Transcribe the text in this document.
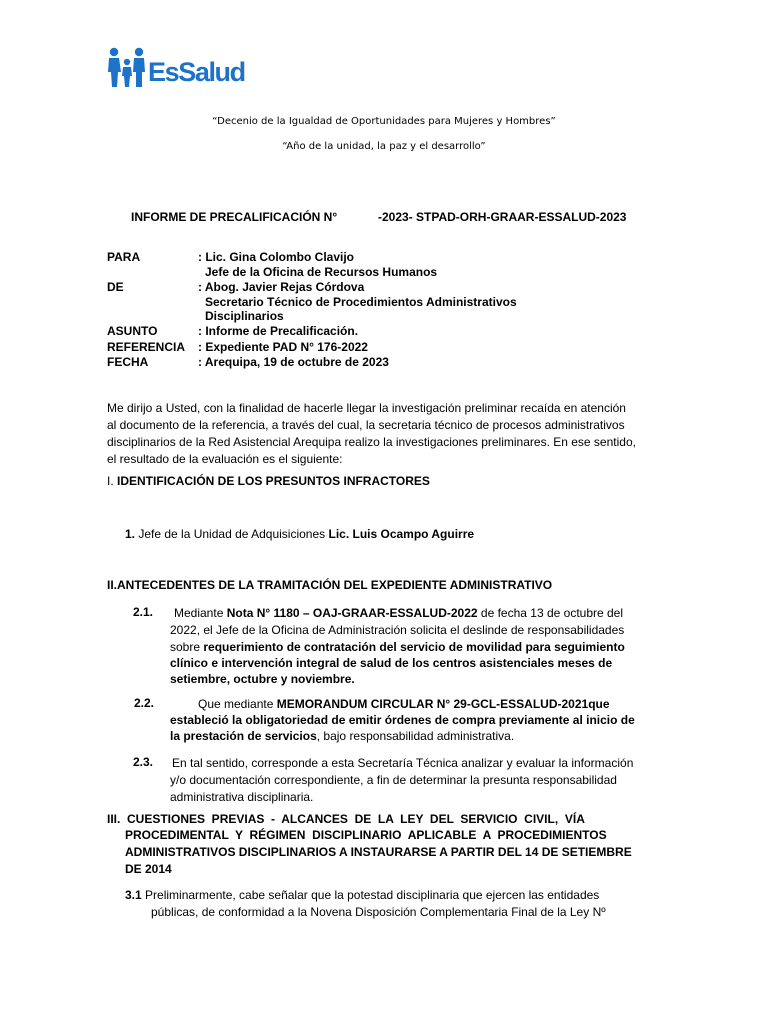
EsSalud
“Decenio de la Igualdad de Oportunidades para Mujeres y Hombres”
“Año de la unidad, la paz y el desarrollo”
INFORME DE PRECALIFICACIÓN N°	-2023- STPAD-ORH-GRAAR-ESSALUD-2023
PARA	: Lic. Gina Colombo Clavijo
Jefe de la Oficina de Recursos Humanos
DE	: Abog. Javier Rejas Córdova
Secretario Técnico de Procedimientos Administrativos
Disciplinarios
ASUNTO	: Informe de Precalificación.
REFERENCIA : Expediente PAD N° 176-2022
FECHA	: Arequipa, 19 de octubre de 2023
Me dirijo a Usted, con la finalidad de hacerle llegar la investigación preliminar recaída en atención
al documento de la referencia, a través del cual, la secretaria técnico de procesos administrativos
disciplinarios de la Red Asistencial Arequipa realizo la investigaciones preliminares. En ese sentido,
el resultado de la evaluación es el siguiente:
I. IDENTIFICACIÓN DE LOS PRESUNTOS INFRACTORES
1. Jefe de la Unidad de Adquisiciones Lic. Luis Ocampo Aguirre
II.ANTECEDENTES DE LA TRAMITACIÓN DEL EXPEDIENTE ADMINISTRATIVO
2.1.	Mediante Nota N° 1180 – OAJ-GRAAR-ESSALUD-2022 de fecha 13 de octubre del
2022, el Jefe de la Oficina de Administración solicita el deslinde de responsabilidades
sobre requerimiento de contratación del servicio de movilidad para seguimiento
clínico e intervención integral de salud de los centros asistenciales meses de
setiembre, octubre y noviembre.
2.2.	Que mediante MEMORANDUM CIRCULAR N° 29-GCL-ESSALUD-2021que
estableció la obligatoriedad de emitir órdenes de compra previamente al inicio de
la prestación de servicios, bajo responsabilidad administrativa.
2.3. En tal sentido, corresponde a esta Secretaría Técnica analizar y evaluar la información
y/o documentación correspondiente, a fin de determinar la presunta responsabilidad
administrativa disciplinaria.
III.  CUESTIONES  PREVIAS  -  ALCANCES  DE  LA  LEY  DEL  SERVICIO  CIVIL,  VÍA
PROCEDIMENTAL  Y  RÉGIMEN  DISCIPLINARIO  APLICABLE  A  PROCEDIMIENTOS
ADMINISTRATIVOS DISCIPLINARIOS A INSTAURARSE A PARTIR DEL 14 DE SETIEMBRE
DE 2014
3.1 Preliminarmente, cabe señalar que la potestad disciplinaria que ejercen las entidades
públicas, de conformidad a la Novena Disposición Complementaria Final de la Ley Nº
